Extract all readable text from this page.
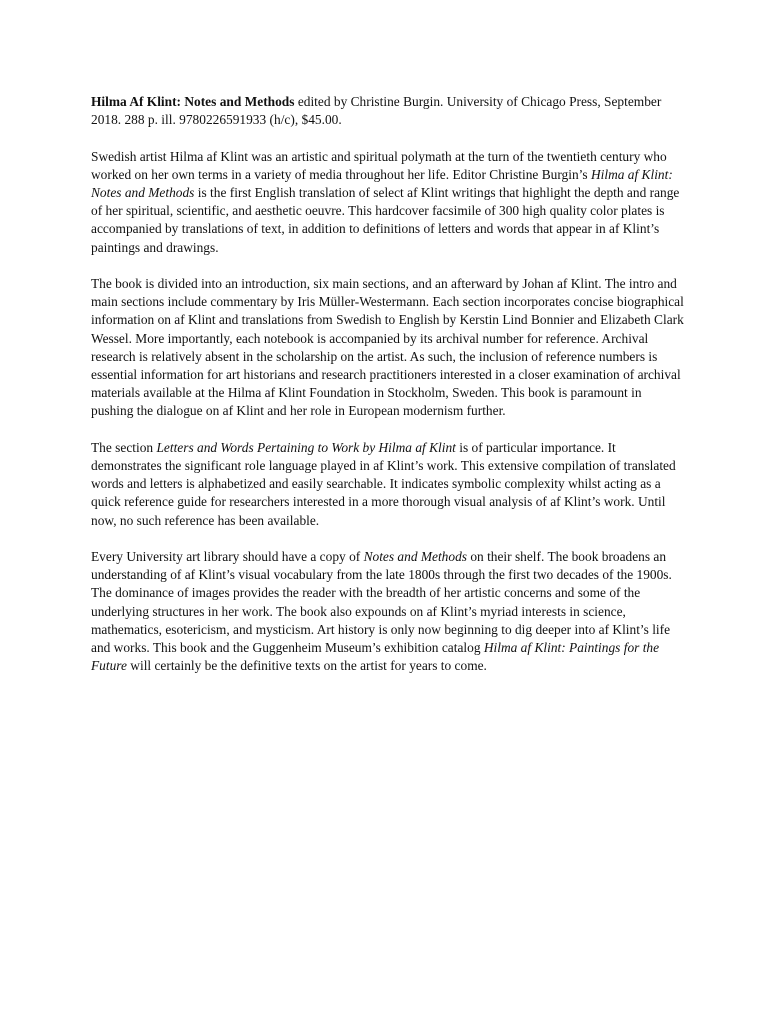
Hilma Af Klint: Notes and Methods edited by Christine Burgin. University of Chicago Press, September 2018. 288 p. ill. 9780226591933 (h/c), $45.00.

Swedish artist Hilma af Klint was an artistic and spiritual polymath at the turn of the twentieth century who worked on her own terms in a variety of media throughout her life. Editor Christine Burgin’s Hilma af Klint: Notes and Methods is the first English translation of select af Klint writings that highlight the depth and range of her spiritual, scientific, and aesthetic oeuvre. This hardcover facsimile of 300 high quality color plates is accompanied by translations of text, in addition to definitions of letters and words that appear in af Klint’s paintings and drawings.

The book is divided into an introduction, six main sections, and an afterward by Johan af Klint. The intro and main sections include commentary by Iris Müller-Westermann. Each section incorporates concise biographical information on af Klint and translations from Swedish to English by Kerstin Lind Bonnier and Elizabeth Clark Wessel. More importantly, each notebook is accompanied by its archival number for reference. Archival research is relatively absent in the scholarship on the artist. As such, the inclusion of reference numbers is essential information for art historians and research practitioners interested in a closer examination of archival materials available at the Hilma af Klint Foundation in Stockholm, Sweden. This book is paramount in pushing the dialogue on af Klint and her role in European modernism further.

The section Letters and Words Pertaining to Work by Hilma af Klint is of particular importance. It demonstrates the significant role language played in af Klint’s work. This extensive compilation of translated words and letters is alphabetized and easily searchable. It indicates symbolic complexity whilst acting as a quick reference guide for researchers interested in a more thorough visual analysis of af Klint’s work. Until now, no such reference has been available.

Every University art library should have a copy of Notes and Methods on their shelf. The book broadens an understanding of af Klint’s visual vocabulary from the late 1800s through the first two decades of the 1900s. The dominance of images provides the reader with the breadth of her artistic concerns and some of the underlying structures in her work. The book also expounds on af Klint’s myriad interests in science, mathematics, esotericism, and mysticism. Art history is only now beginning to dig deeper into af Klint’s life and works. This book and the Guggenheim Museum’s exhibition catalog Hilma af Klint: Paintings for the Future will certainly be the definitive texts on the artist for years to come.
